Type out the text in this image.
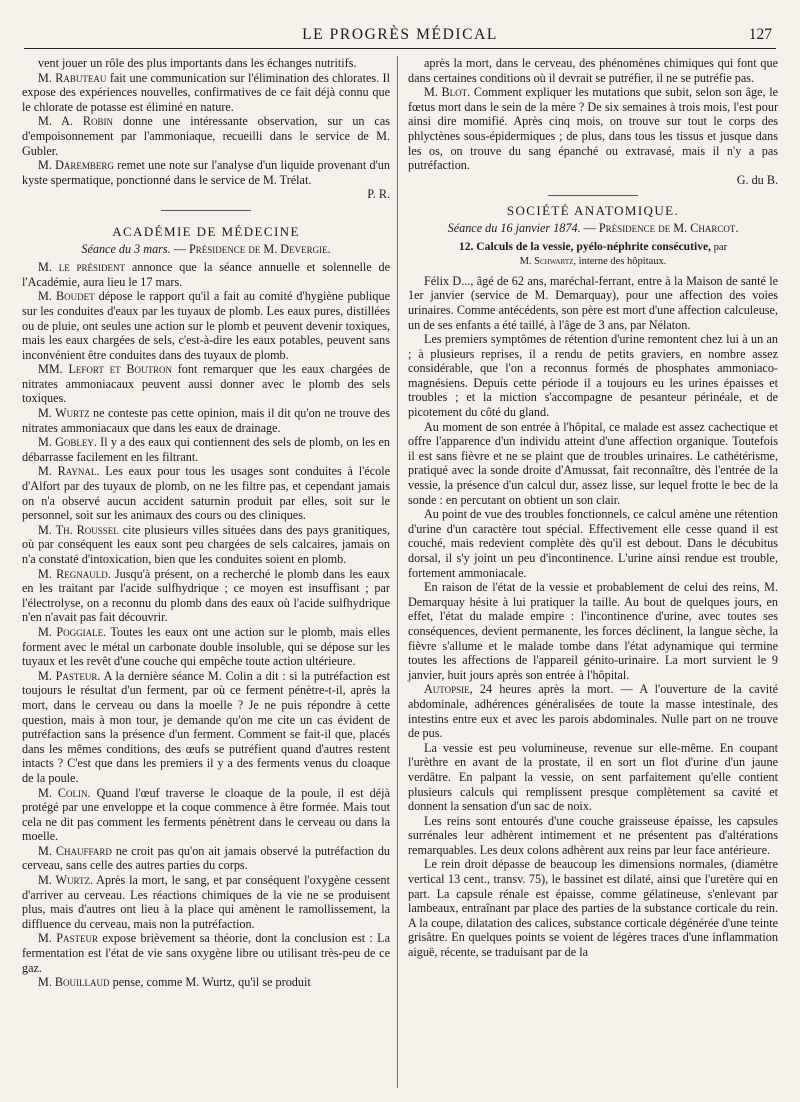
LE PROGRÈS MÉDICAL	127

vent jouer un rôle des plus importants dans les échanges nutritifs.

M. Rabuteau fait une communication sur l'élimination des chlorates. Il expose des expériences nouvelles, confirmatives de ce fait déjà connu que le chlorate de potasse est éliminé en nature.

M. A. Robin donne une intéressante observation, sur un cas d'empoisonnement par l'ammoniaque, recueilli dans le service de M. Gubler.

M. Daremberg remet une note sur l'analyse d'un liquide provenant d'un kyste spermatique, ponctionné dans le service de M. Trélat.

P. R.

ACADÉMIE DE MÉDECINE

Séance du 3 mars. — Présidence de M. Devergie.

M. le président annonce que la séance annuelle et solennelle de l'Académie, aura lieu le 17 mars.

M. Boudet dépose le rapport qu'il a fait au comité d'hygiène publique sur les conduites d'eaux par les tuyaux de plomb. Les eaux pures, distillées ou de pluie, ont seules une action sur le plomb et peuvent devenir toxiques, mais les eaux chargées de sels, c'est-à-dire les eaux potables, peuvent sans inconvénient être conduites dans des tuyaux de plomb.

MM. Lefort et Boutron font remarquer que les eaux chargées de nitrates ammoniacaux peuvent aussi donner avec le plomb des sels toxiques.

M. Wurtz ne conteste pas cette opinion, mais il dit qu'on ne trouve des nitrates ammoniacaux que dans les eaux de drainage.

M. Gobley. Il y a des eaux qui contiennent des sels de plomb, on les en débarrasse facilement en les filtrant.

M. Raynal. Les eaux pour tous les usages sont conduites à l'école d'Alfort par des tuyaux de plomb, on ne les filtre pas, et cependant jamais on n'a observé aucun accident saturnin produit par elles, soit sur le personnel, soit sur les animaux des cours ou des cliniques.

M. Th. Roussel cite plusieurs villes situées dans des pays granitiques, où par conséquent les eaux sont peu chargées de sels calcaires, jamais on n'a constaté d'intoxication, bien que les conduites soient en plomb.

M. Regnauld. Jusqu'à présent, on a recherché le plomb dans les eaux en les traitant par l'acide sulfhydrique ; ce moyen est insuffisant ; par l'électrolyse, on a reconnu du plomb dans des eaux où l'acide sulfhydrique n'en n'avait pas fait découvrir.

M. Poggiale. Toutes les eaux ont une action sur le plomb, mais elles forment avec le métal un carbonate double insoluble, qui se dépose sur les tuyaux et les revêt d'une couche qui empêche toute action ultérieure.

M. Pasteur. A la dernière séance M. Colin a dit : si la putréfaction est toujours le résultat d'un ferment, par où ce ferment pénètre-t-il, après la mort, dans le cerveau ou dans la moelle ? Je ne puis répondre à cette question, mais à mon tour, je demande qu'on me cite un cas évident de putréfaction sans la présence d'un ferment. Comment se fait-il que, placés dans les mêmes conditions, des œufs se putréfient quand d'autres restent intacts ? C'est que dans les premiers il y a des ferments venus du cloaque de la poule.

M. Colin. Quand l'œuf traverse le cloaque de la poule, il est déjà protégé par une enveloppe et la coque commence à être formée. Mais tout cela ne dit pas comment les ferments pénètrent dans le cerveau ou dans la moelle.

M. Chauffard ne croit pas qu'on ait jamais observé la putréfaction du cerveau, sans celle des autres parties du corps.

M. Wurtz. Après la mort, le sang, et par conséquent l'oxygène cessent d'arriver au cerveau. Les réactions chimiques de la vie ne se produisent plus, mais d'autres ont lieu à la place qui amènent le ramollissement, la diffluence du cerveau, mais non la putréfaction.

M. Pasteur expose brièvement sa théorie, dont la conclusion est : La fermentation est l'état de vie sans oxygène libre ou utilisant très-peu de ce gaz.

M. Bouillaud pense, comme M. Wurtz, qu'il se produit

après la mort, dans le cerveau, des phénomènes chimiques qui font que dans certaines conditions où il devrait se putréfier, il ne se putréfie pas.

M. Blot. Comment expliquer les mutations que subit, selon son âge, le fœtus mort dans le sein de la mère ? De six semaines à trois mois, l'est pour ainsi dire momifié. Après cinq mois, on trouve sur tout le corps des phlyctènes sous-épidermiques ; de plus, dans tous les tissus et jusque dans les os, on trouve du sang épanché ou extravasé, mais il n'y a pas putréfaction.

G. du B.

SOCIÉTÉ ANATOMIQUE.

Séance du 16 janvier 1874. — Présidence de M. Charcot.

12. Calculs de la vessie, pyélo-néphrite consécutive, par

M. Schwartz, interne des hôpitaux.

Félix D..., âgé de 62 ans, maréchal-ferrant, entre à la Maison de santé le 1er janvier (service de M. Demarquay), pour une affection des voies urinaires. Comme antécédents, son père est mort d'une affection calculeuse, un de ses enfants a été taillé, à l'âge de 3 ans, par Nélaton.

Les premiers symptômes de rétention d'urine remontent chez lui à un an ; à plusieurs reprises, il a rendu de petits graviers, en nombre assez considérable, que l'on a reconnus formés de phosphates ammoniaco-magnésiens. Depuis cette période il a toujours eu les urines épaisses et troubles ; et la miction s'accompagne de pesanteur périnéale, et de picotement du côté du gland.

Au moment de son entrée à l'hôpital, ce malade est assez cachectique et offre l'apparence d'un individu atteint d'une affection organique. Toutefois il est sans fièvre et ne se plaint que de troubles urinaires. Le cathétérisme, pratiqué avec la sonde droite d'Amussat, fait reconnaître, dès l'entrée de la vessie, la présence d'un calcul dur, assez lisse, sur lequel frotte le bec de la sonde : en percutant on obtient un son clair.

Au point de vue des troubles fonctionnels, ce calcul amène une rétention d'urine d'un caractère tout spécial. Effectivement elle cesse quand il est couché, mais redevient complète dès qu'il est debout. Dans le décubitus dorsal, il s'y joint un peu d'incontinence. L'urine ainsi rendue est trouble, fortement ammoniacale.

En raison de l'état de la vessie et probablement de celui des reins, M. Demarquay hésite à lui pratiquer la taille. Au bout de quelques jours, en effet, l'état du malade empire : l'incontinence d'urine, avec toutes ses conséquences, devient permanente, les forces déclinent, la langue sèche, la fièvre s'allume et le malade tombe dans l'état adynamique qui termine toutes les affections de l'appareil génito-urinaire. La mort survient le 9 janvier, huit jours après son entrée à l'hôpital.

Autopsie, 24 heures après la mort. — A l'ouverture de la cavité abdominale, adhérences généralisées de toute la masse intestinale, des intestins entre eux et avec les parois abdominales. Nulle part on ne trouve de pus.

La vessie est peu volumineuse, revenue sur elle-même. En coupant l'urèthre en avant de la prostate, il en sort un flot d'urine d'un jaune verdâtre. En palpant la vessie, on sent parfaitement qu'elle contient plusieurs calculs qui remplissent presque complètement sa cavité et donnent la sensation d'un sac de noix.

Les reins sont entourés d'une couche graisseuse épaisse, les capsules surrénales leur adhèrent intimement et ne présentent pas d'altérations remarquables. Les deux colons adhèrent aux reins par leur face antérieure.

Le rein droit dépasse de beaucoup les dimensions normales, (diamètre vertical 13 cent., transv. 75), le bassinet est dilaté, ainsi que l'uretère qui en part. La capsule rénale est épaisse, comme gélatineuse, s'enlevant par lambeaux, entraînant par place des parties de la substance corticale du rein. A la coupe, dilatation des calices, substance corticale dégénérée d'une teinte grisâtre. En quelques points se voient de légères traces d'une inflammation aiguë, récente, se traduisant par de la
